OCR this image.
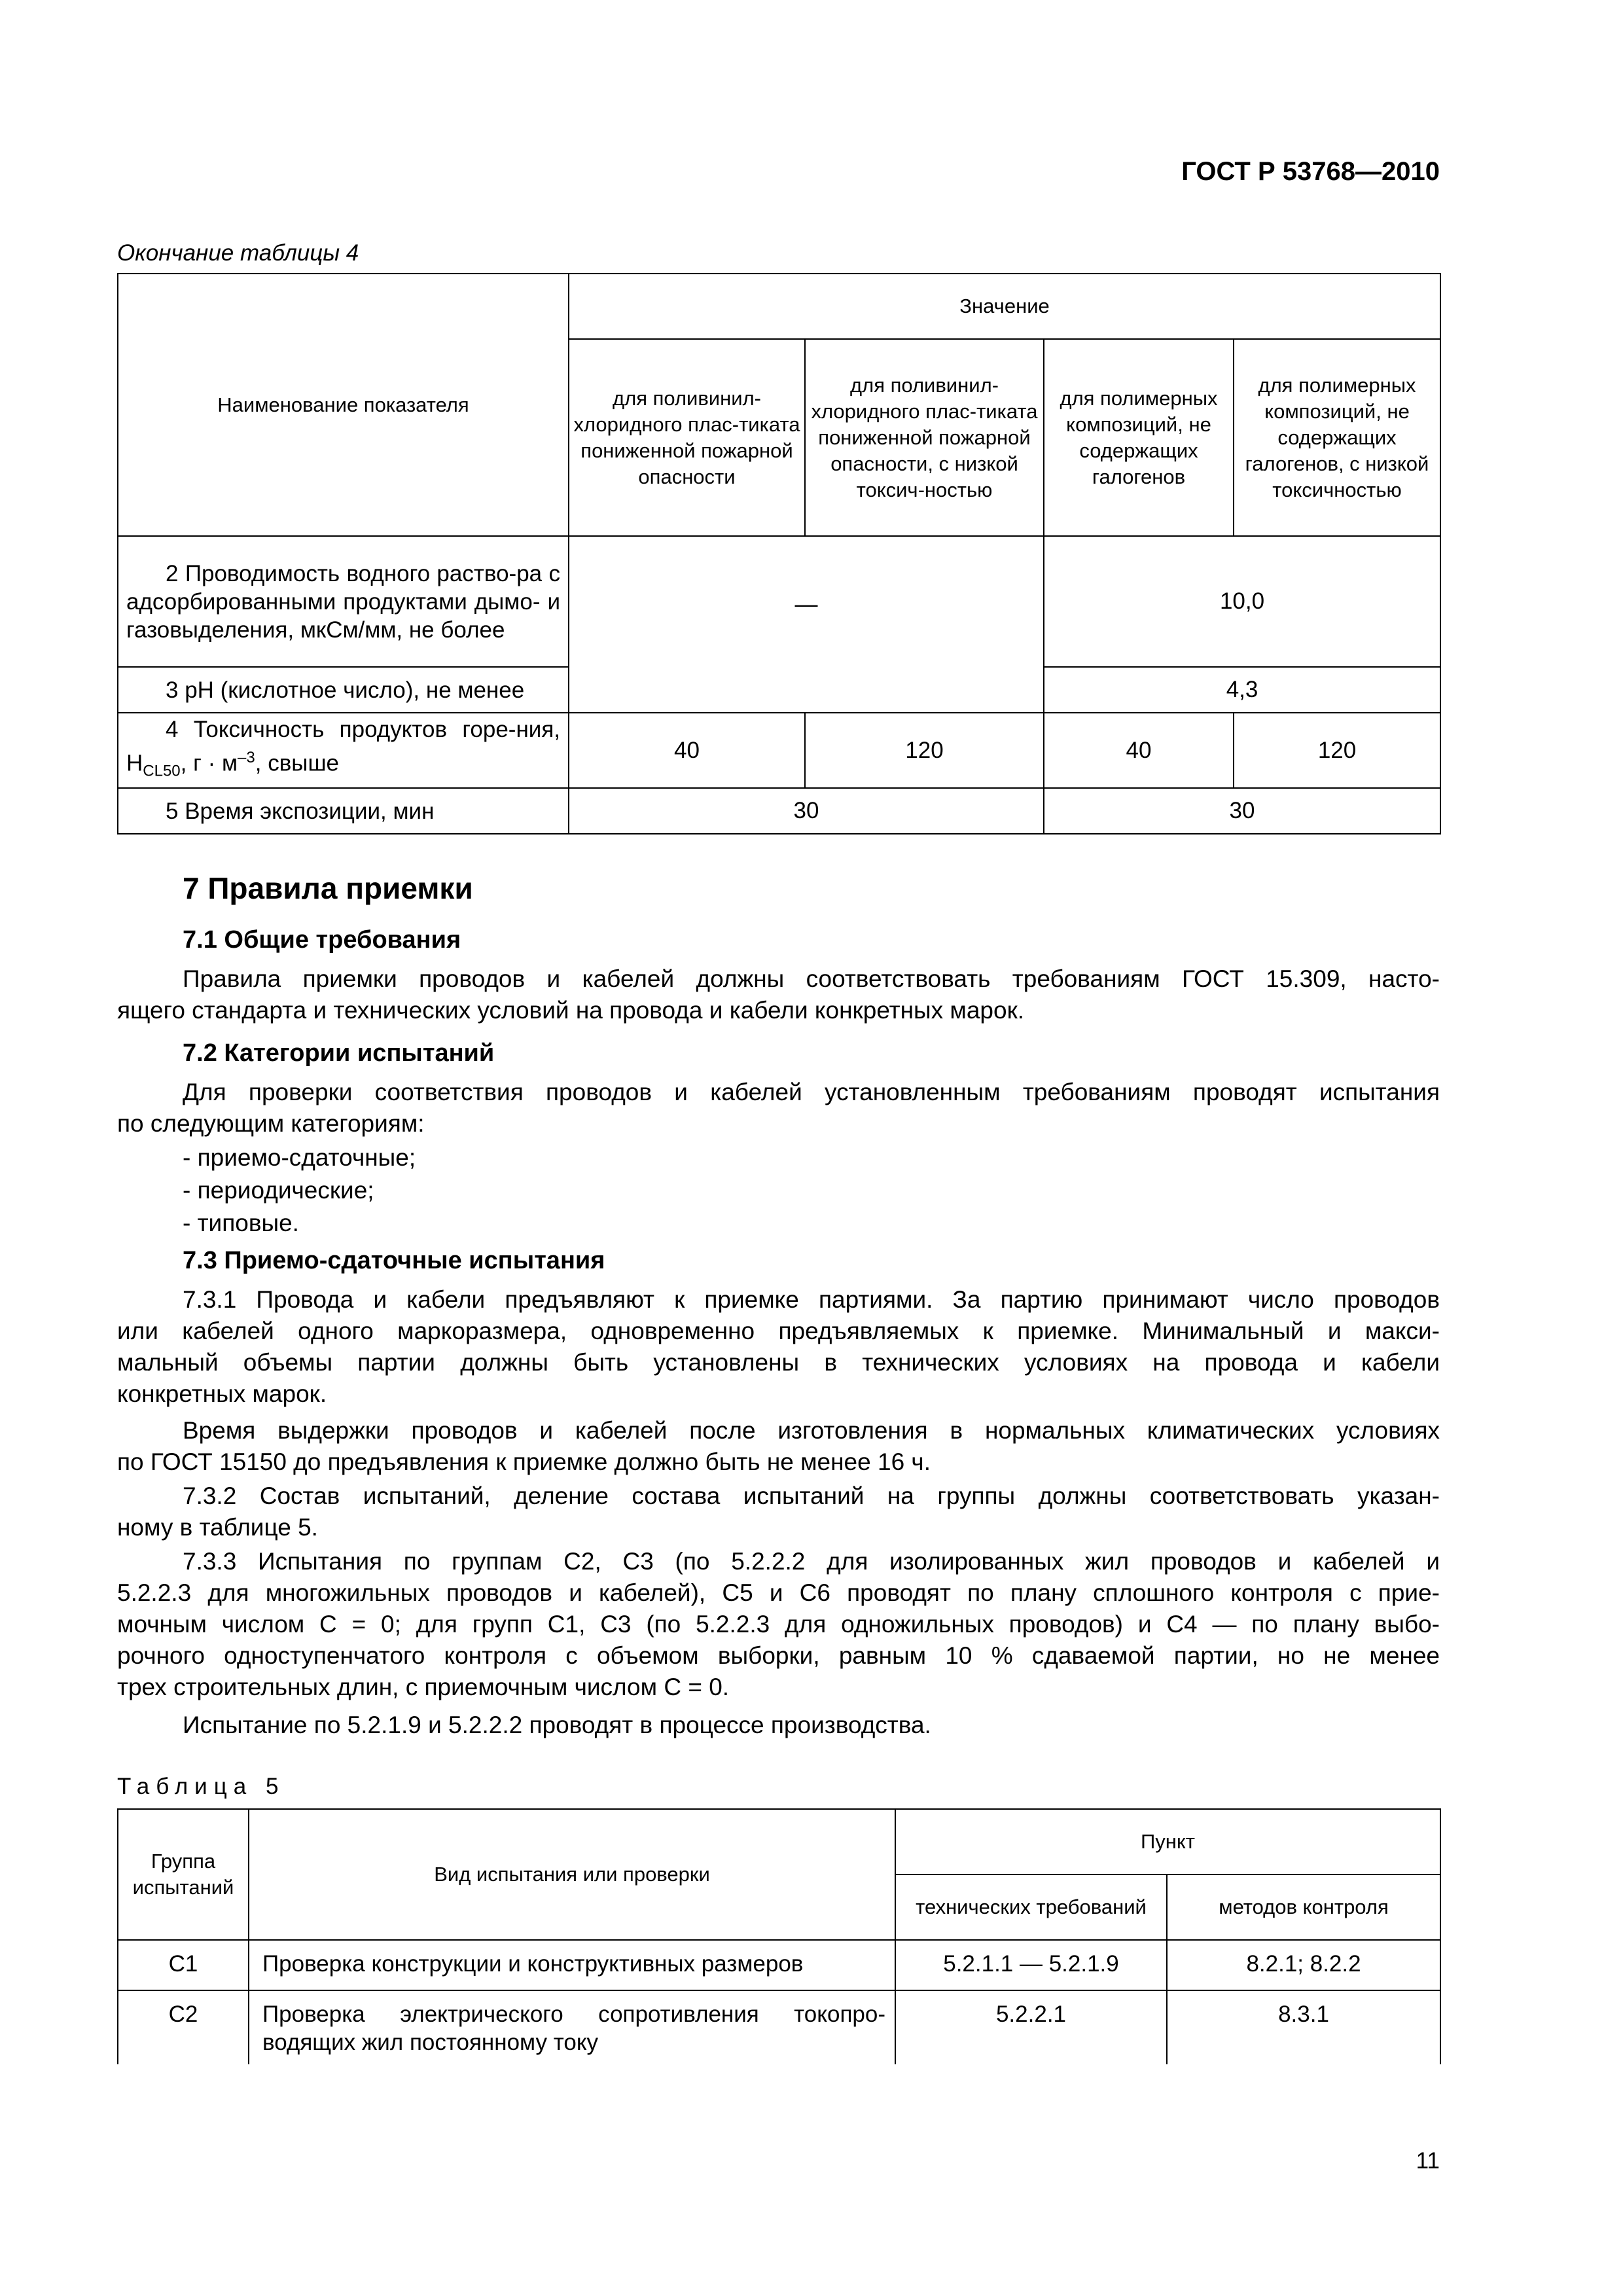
ГОСТ Р 53768—2010
Окончание таблицы 4
Наименование показателя	Значение			
	для поливинил-хлоридного плас-тиката пониженной пожарной опасности	для поливинил-хлоридного плас-тиката пониженной пожарной опасности, с низкой токсич-ностью	для полимерных композиций, не содержащих галогенов	для полимерных композиций, не содержащих галогенов, с низкой токсичностью
2 Проводимость водного раство-ра с адсорбированными продуктами дымо- и газовыделения, мкСм/мм, не более	—		10,0	
3 pH (кислотное число), не менее			4,3	
4 Токсичность продуктов горе-ния, $H_{CL50}$, $г \cdot м^{-3}$, свыше	40	120	40	120
5 Время экспозиции, мин	30		30	
7 Правила приемки
7.1 Общие требования
Правила приемки проводов и кабелей должны соответствовать требованиям ГОСТ 15.309, насто-
ящего стандарта и технических условий на провода и кабели конкретных марок.
7.2 Категории испытаний
Для проверки соответствия проводов и кабелей установленным требованиям проводят испытания
по следующим категориям:
- приемо-сдаточные;
- периодические;
- типовые.
7.3 Приемо-сдаточные испытания
7.3.1 Провода и кабели предъявляют к приемке партиями. За партию принимают число проводов
или кабелей одного маркоразмера, одновременно предъявляемых к приемке. Минимальный и макси-
мальный объемы партии должны быть установлены в технических условиях на провода и кабели
конкретных марок.
Время выдержки проводов и кабелей после изготовления в нормальных климатических условиях
по ГОСТ 15150 до предъявления к приемке должно быть не менее 16 ч.
7.3.2 Состав испытаний, деление состава испытаний на группы должны соответствовать указан-
ному в таблице 5.
7.3.3 Испытания по группам С2, С3 (по 5.2.2.2 для изолированных жил проводов и кабелей и
5.2.2.3 для многожильных проводов и кабелей), С5 и С6 проводят по плану сплошного контроля с прие-
мочным числом C = 0; для групп С1, С3 (по 5.2.2.3 для одножильных проводов) и С4 — по плану выбо-
рочного одноступенчатого контроля с объемом выборки, равным 10 % сдаваемой партии, но не менее
трех строительных длин, с приемочным числом C = 0.
Испытание по 5.2.1.9 и 5.2.2.2 проводят в процессе производства.
Таблица 5
Группа испытаний	Вид испытания или проверки	Пункт	
		технических требований	методов контроля
С1	Проверка конструкции и конструктивных размеров	5.2.1.1 — 5.2.1.9	8.2.1; 8.2.2
С2	Проверка электрического сопротивления токопро-водящих жил постоянному току	5.2.2.1	8.3.1
11
